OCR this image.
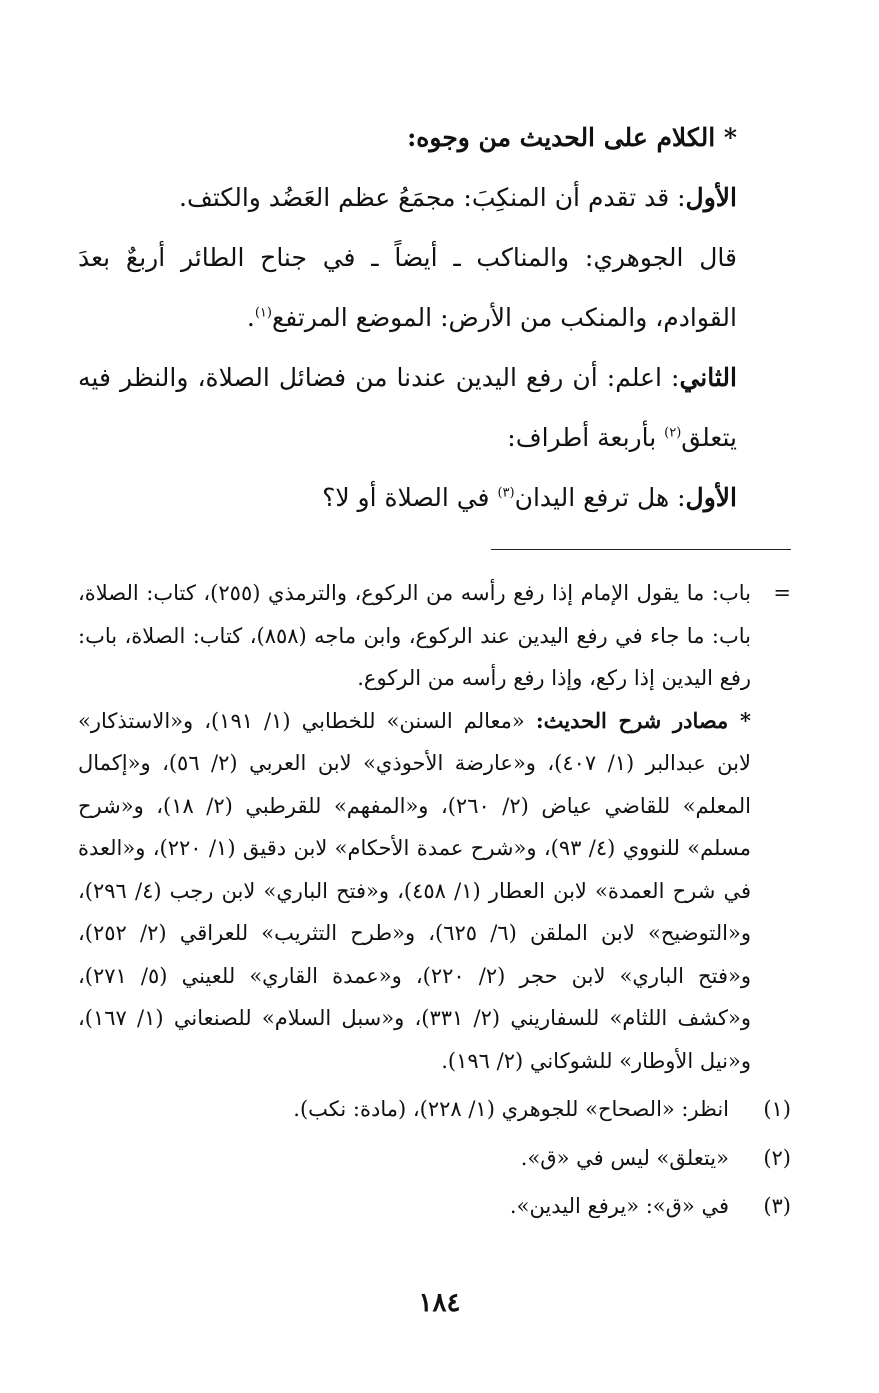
* الكلام على الحديث من وجوه:

الأول: قد تقدم أن المنكِبَ: مجمَعُ عظم العَضُد والكتف.

قال الجوهري: والمناكب ـ أيضاً ـ في جناح الطائر أربعٌ بعدَ القوادم، والمنكب من الأرض: الموضع المرتفع$^{(١)}$.

الثاني: اعلم: أن رفع اليدين عندنا من فضائل الصلاة، والنظر فيه يتعلق$^{(٢)}$ بأربعة أطراف:

الأول: هل ترفع اليدان$^{(٣)}$ في الصلاة أو لا؟

=
باب: ما يقول الإمام إذا رفع رأسه من الركوع، والترمذي (٢٥٥)، كتاب: الصلاة، باب: ما جاء في رفع اليدين عند الركوع، وابن ماجه (٨٥٨)، كتاب: الصلاة، باب: رفع اليدين إذا ركع، وإذا رفع رأسه من الركوع.
* مصادر شرح الحديث: «معالم السنن» للخطابي (١/ ١٩١)، و«الاستذكار» لابن عبدالبر (١/ ٤٠٧)، و«عارضة الأحوذي» لابن العربي (٢/ ٥٦)، و«إكمال المعلم» للقاضي عياض (٢/ ٢٦٠)، و«المفهم» للقرطبي (٢/ ١٨)، و«شرح مسلم» للنووي (٤/ ٩٣)، و«شرح عمدة الأحكام» لابن دقيق (١/ ٢٢٠)، و«العدة في شرح العمدة» لابن العطار (١/ ٤٥٨)، و«فتح الباري» لابن رجب (٤/ ٢٩٦)، و«التوضيح» لابن الملقن (٦/ ٦٢٥)، و«طرح التثريب» للعراقي (٢/ ٢٥٢)، و«فتح الباري» لابن حجر (٢/ ٢٢٠)، و«عمدة القاري» للعيني (٥/ ٢٧١)، و«كشف اللثام» للسفاريني (٢/ ٣٣١)، و«سبل السلام» للصنعاني (١/ ١٦٧)، و«نيل الأوطار» للشوكاني (٢/ ١٩٦).
(١)
انظر: «الصحاح» للجوهري (١/ ٢٢٨)، (مادة: نكب).
(٢)
«يتعلق» ليس في «ق».
(٣)
في «ق»: «يرفع اليدين».
١٨٤
